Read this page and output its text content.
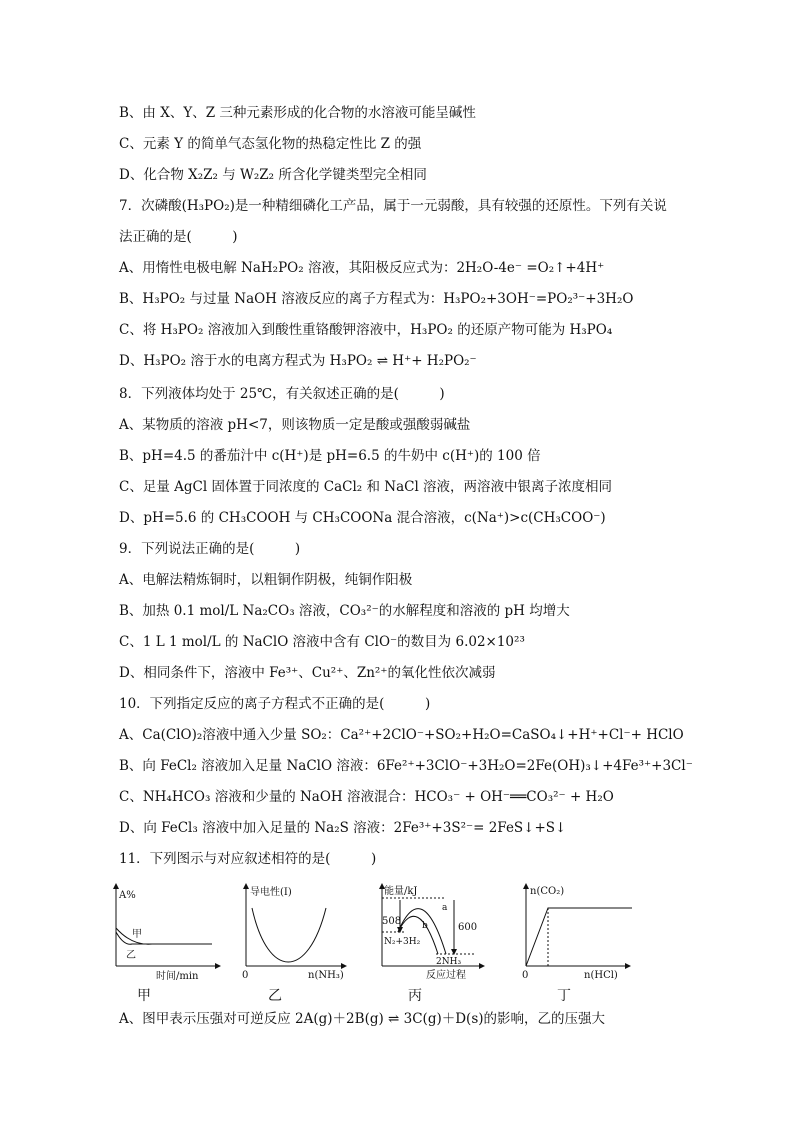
B、由 X、Y、Z 三种元素形成的化合物的水溶液可能呈碱性
C、元素 Y 的简单气态氢化物的热稳定性比 Z 的强
D、化合物 X₂Z₂ 与 W₂Z₂ 所含化学键类型完全相同
7．次磷酸(H₃PO₂)是一种精细磷化工产品，属于一元弱酸，具有较强的还原性。下列有关说
法正确的是(　　　)
A、用惰性电极电解 NaH₂PO₂ 溶液，其阳极反应式为：2H₂O-4e⁻ =O₂↑+4H⁺
B、H₃PO₂ 与过量 NaOH 溶液反应的离子方程式为：H₃PO₂+3OH⁻=PO₂³⁻+3H₂O
C、将 H₃PO₂ 溶液加入到酸性重铬酸钾溶液中，H₃PO₂ 的还原产物可能为 H₃PO₄
D、H₃PO₂ 溶于水的电离方程式为 H₃PO₂ ⇌ H⁺+ H₂PO₂⁻
8．下列液体均处于 25℃，有关叙述正确的是(　　　)
A、某物质的溶液 pH<7，则该物质一定是酸或强酸弱碱盐
B、pH=4.5 的番茄汁中 c(H⁺)是 pH=6.5 的牛奶中 c(H⁺)的 100 倍
C、足量 AgCl 固体置于同浓度的 CaCl₂ 和 NaCl 溶液，两溶液中银离子浓度相同
D、pH=5.6 的 CH₃COOH 与 CH₃COONa 混合溶液，c(Na⁺)>c(CH₃COO⁻)
9．下列说法正确的是(　　　)
A、电解法精炼铜时，以粗铜作阴极，纯铜作阳极
B、加热 0.1 mol/L Na₂CO₃ 溶液，CO₃²⁻的水解程度和溶液的 pH 均增大
C、1 L 1 mol/L 的 NaClO 溶液中含有 ClO⁻的数目为 6.02×10²³
D、相同条件下，溶液中 Fe³⁺、Cu²⁺、Zn²⁺的氧化性依次减弱
10．下列指定反应的离子方程式不正确的是(　　　)
A、Ca(ClO)₂溶液中通入少量 SO₂：Ca²⁺+2ClO⁻+SO₂+H₂O=CaSO₄↓+H⁺+Cl⁻+ HClO
B、向 FeCl₂ 溶液加入足量 NaClO 溶液：6Fe²⁺+3ClO⁻+3H₂O=2Fe(OH)₃↓+4Fe³⁺+3Cl⁻
C、NH₄HCO₃ 溶液和少量的 NaOH 溶液混合：HCO₃⁻ + OH⁻══CO₃²⁻ + H₂O
D、向 FeCl₃ 溶液中加入足量的 Na₂S 溶液：2Fe³⁺+3S²⁻= 2FeS↓+S↓
11．下列图示与对应叙述相符的是(　　　)
A、图甲表示压强对可逆反应 2A(g)＋2B(g) ⇌ 3C(g)＋D(s)的影响，乙的压强大
A%
甲
乙
时间/min
甲
导电性(I)
0	n(NH₃)
乙
能量/kJ
a
b
508
600
N₂+3H₂
2NH₃
反应过程
丙
n(CO₂)
0	n(HCl)
丁
